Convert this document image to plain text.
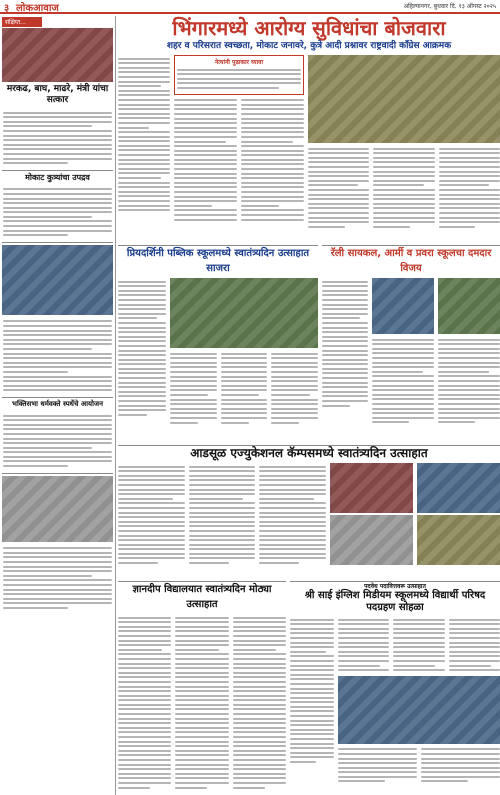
३ लोकआवाज	अहिल्यानगर, बुधवार दि. १३ ऑगस्ट २०२५
संक्षिप्त...
मरकढ, बाघ, माढरे, मंत्री यांचा सत्कार
मोकाट कुत्र्यांचा उपद्रव
भक्तिसभा धर्मवक्ते स्पर्धेचे आयोजन
भिंगारमध्ये आरोग्य सुविधांचा बोजवारा
शहर व परिसरात स्वच्छता, मोकाट जनावरे, कुत्रे आदी प्रश्नावर राष्ट्रवादी काँग्रेस आक्रमक
नेत्यांनी पुढाकार घ्यावा
प्रियदर्शिनी पब्लिक स्कूलमध्ये स्वातंत्र्यदिन उत्साहात साजरा
रॅली सायकल, आर्मी व प्रवरा स्कूलचा दमदार विजय
आडसूळ एज्युकेशनल कॅम्पसमध्ये स्वातंत्र्यदिन उत्साहात
ज्ञानदीप विद्यालयात स्वातंत्र्यदिन मोठ्या उत्साहात
पदवेध पदावित्तवरू उत्साहात
श्री साई इंग्लिश मिडीयम स्कूलमध्ये विद्यार्थी परिषद पदग्रहण सोहळा
